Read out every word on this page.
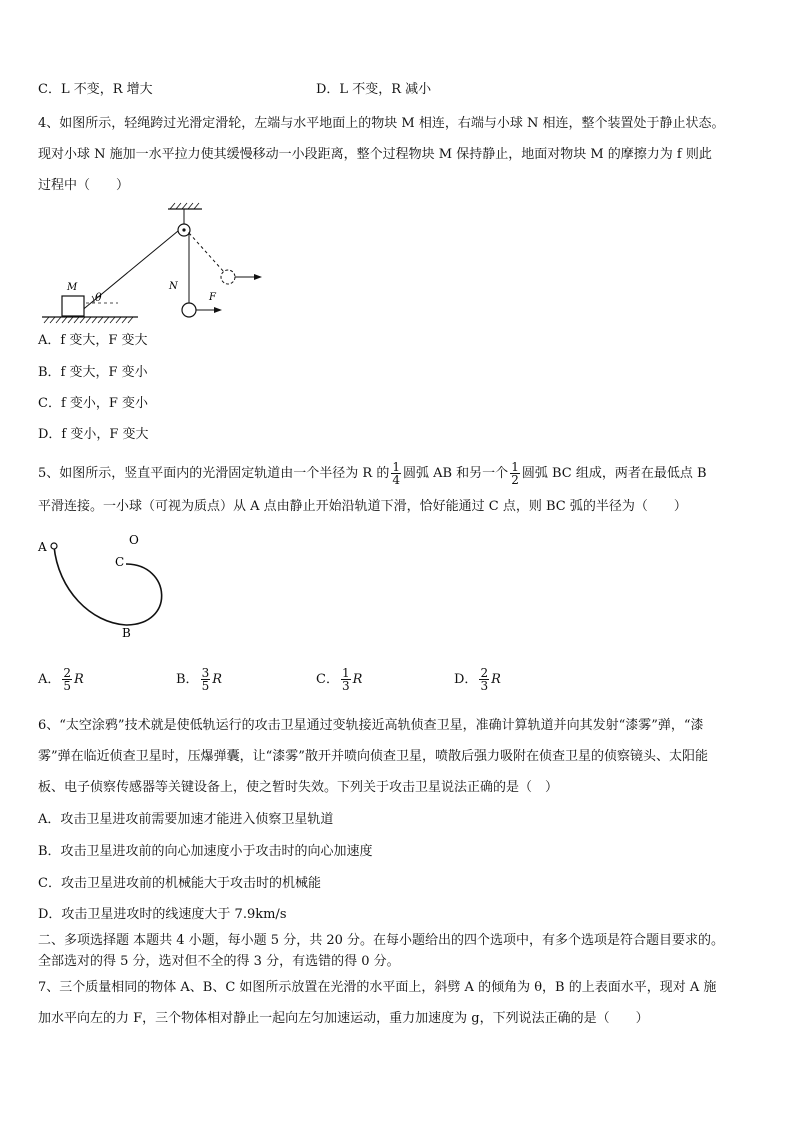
C．L 不变，R 增大	D．L 不变，R 减小
4、如图所示，轻绳跨过光滑定滑轮，左端与水平地面上的物块 M 相连，右端与小球 N 相连，整个装置处于静止状态。
现对小球 N 施加一水平拉力使其缓慢移动一小段距离，整个过程物块 M 保持静止，地面对物块 M 的摩擦力为 f 则此
过程中（　　）
M
θ
N
F
A．f 变大，F 变大
B．f 变大，F 变小
C．f 变小，F 变小
D．f 变小，F 变大
5、如图所示，竖直平面内的光滑固定轨道由一个半径为 R 的 $\frac{1}{4}$ 圆弧 AB 和另一个 $\frac{1}{2}$ 圆弧 BC 组成，两者在最低点 B
平滑连接。一小球（可视为质点）从 A 点由静止开始沿轨道下滑，恰好能通过 C 点，则 BC 弧的半径为（　　）
A	O
C
B
A． $\frac{2}{5}$ R	B． $\frac{3}{5}$ R	C． $\frac{1}{3}$ R	D． $\frac{2}{3}$ R
6、“太空涂鸦”技术就是使低轨运行的攻击卫星通过变轨接近高轨侦查卫星，准确计算轨道并向其发射“漆雾”弹，“漆
雾”弹在临近侦查卫星时，压爆弹囊，让“漆雾”散开并喷向侦查卫星，喷散后强力吸附在侦查卫星的侦察镜头、太阳能
板、电子侦察传感器等关键设备上，使之暂时失效。下列关于攻击卫星说法正确的是（　）
A．攻击卫星进攻前需要加速才能进入侦察卫星轨道
B．攻击卫星进攻前的向心加速度小于攻击时的向心加速度
C．攻击卫星进攻前的机械能大于攻击时的机械能
D．攻击卫星进攻时的线速度大于 7.9km/s
二、多项选择题 本题共 4 小题，每小题 5 分，共 20 分。在每小题给出的四个选项中，有多个选项是符合题目要求的。
全部选对的得 5 分，选对但不全的得 3 分，有选错的得 0 分。
7、三个质量相同的物体 A、B、C 如图所示放置在光滑的水平面上，斜劈 A 的倾角为 θ，B 的上表面水平，现对 A 施
加水平向左的力 F，三个物体相对静止一起向左匀加速运动，重力加速度为 g，下列说法正确的是（　　）
